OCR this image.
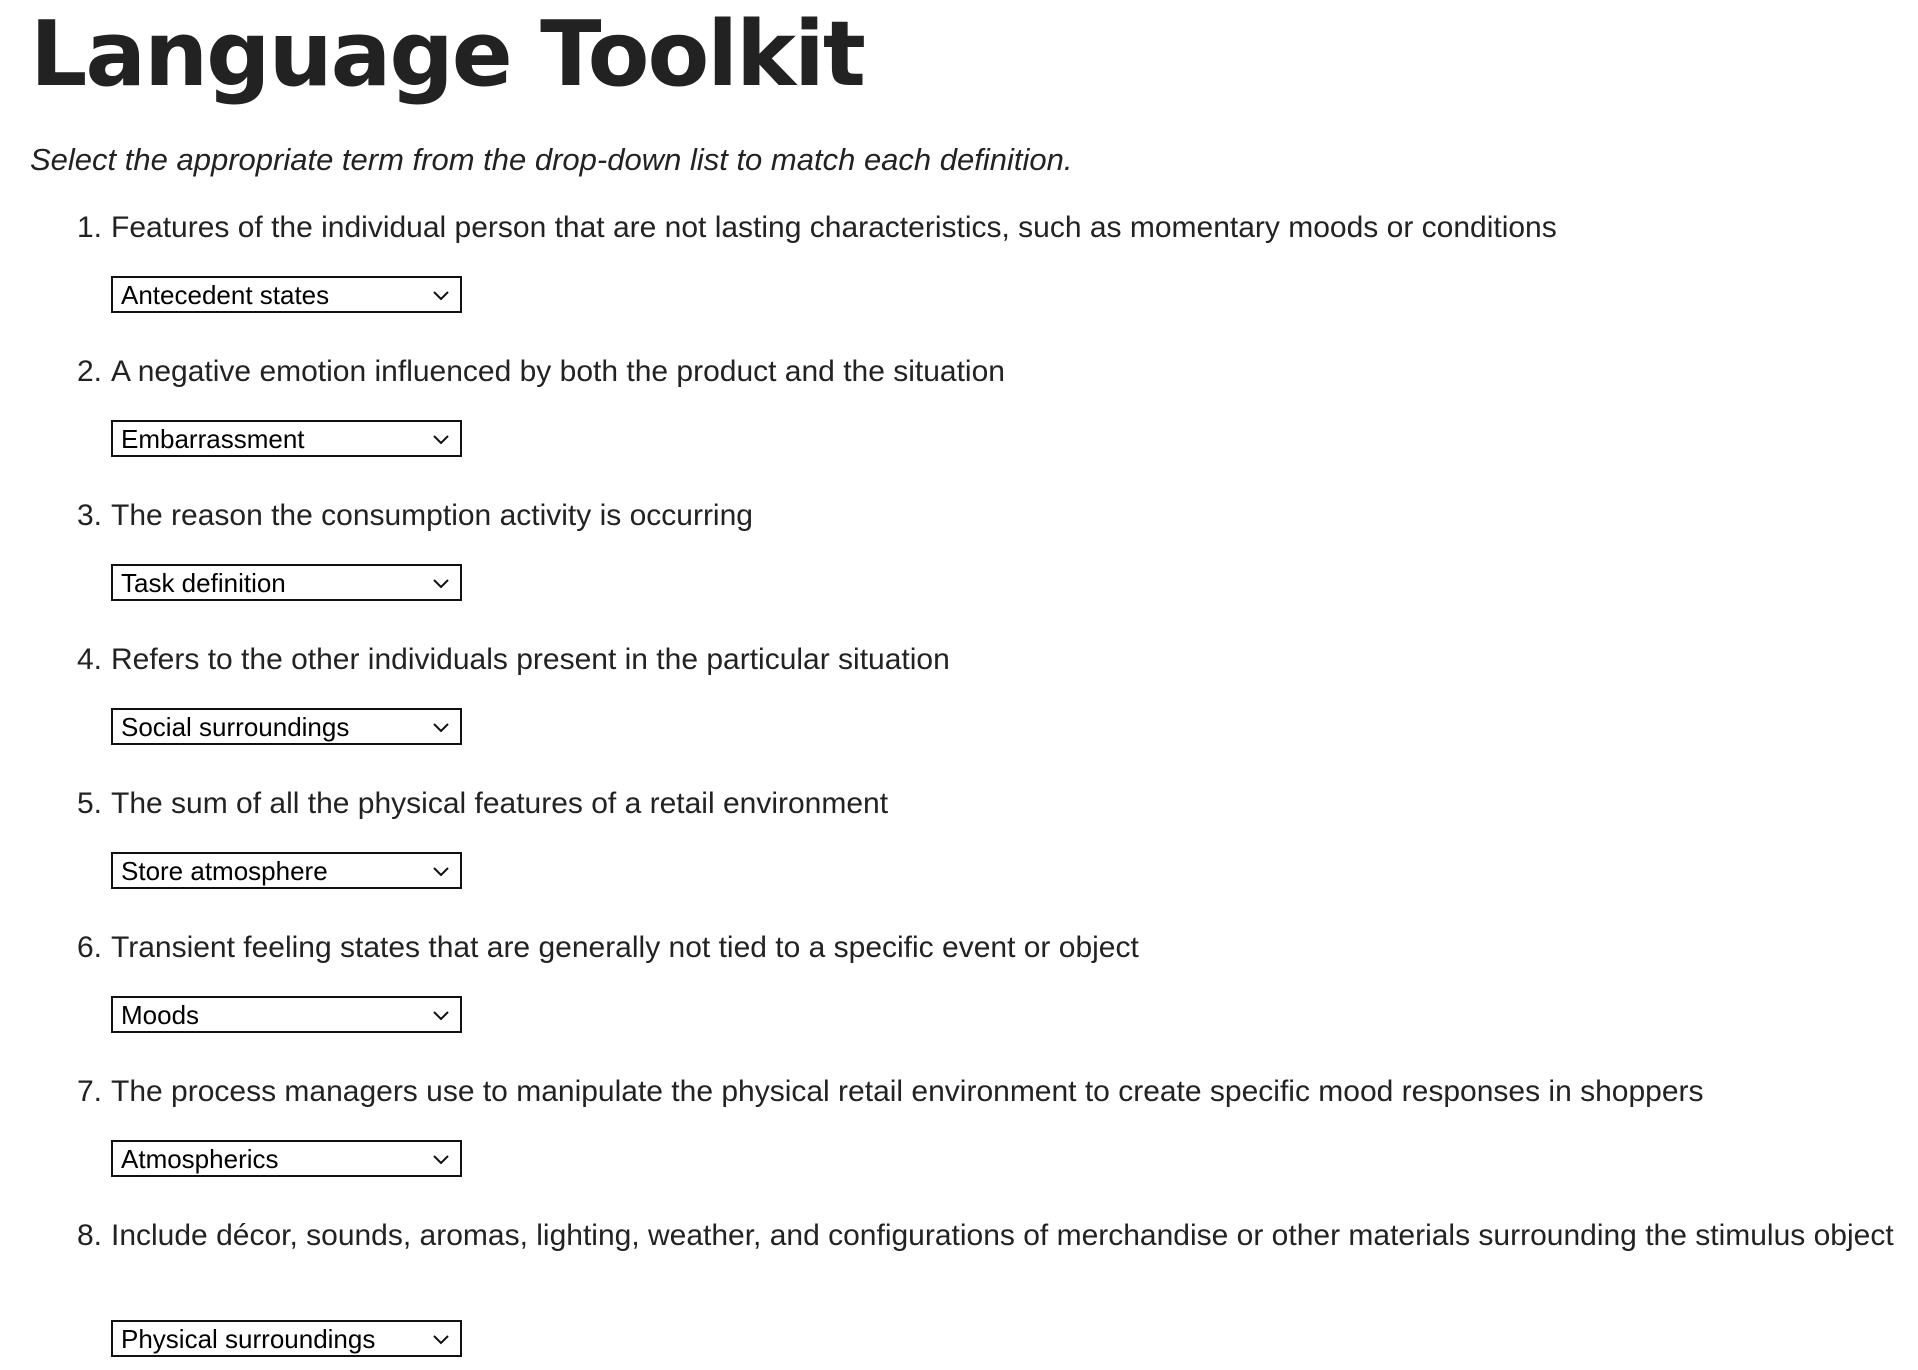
Language Toolkit

Select the appropriate term from the drop-down list to match each definition.

1. Features of the individual person that are not lasting characteristics, such as momentary moods or conditions
Antecedent states
2. A negative emotion influenced by both the product and the situation
Embarrassment
3. The reason the consumption activity is occurring
Task definition
4. Refers to the other individuals present in the particular situation
Social surroundings
5. The sum of all the physical features of a retail environment
Store atmosphere
6. Transient feeling states that are generally not tied to a specific event or object
Moods
7. The process managers use to manipulate the physical retail environment to create specific mood responses in shoppers
Atmospherics
8. Include décor, sounds, aromas, lighting, weather, and configurations of merchandise or other materials surrounding the stimulus object
Physical surroundings
